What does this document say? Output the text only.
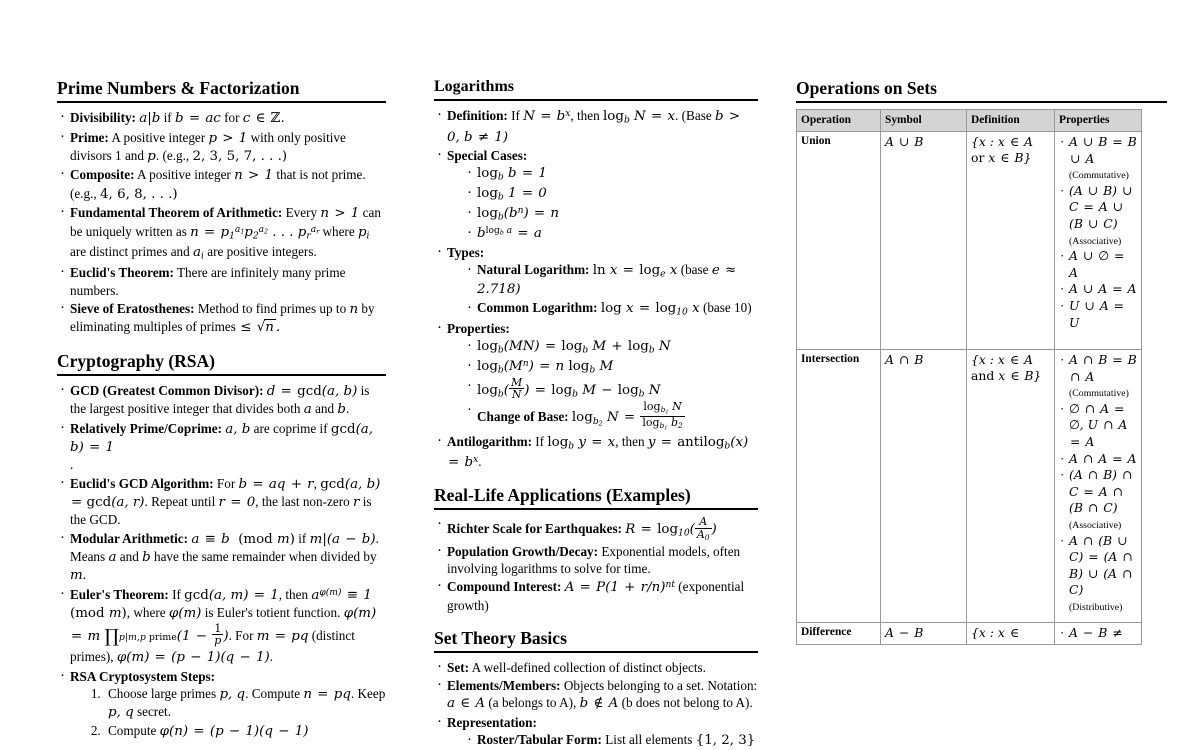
Prime Numbers & Factorization
· Divisibility: a|b if b = ac for c ∈ ℤ.
· Prime: A positive integer p > 1 with only positive divisors 1 and p. (e.g., 2, 3, 5, 7, . . .)
· Composite: A positive integer n > 1 that is not prime. (e.g., 4, 6, 8, . . .)
· Fundamental Theorem of Arithmetic: Every n > 1 can be uniquely written as $n = p_1^{a_1}p_2^{a_2}$ . . . $p_r^{a_r}$ where $p_i$ are distinct primes and $a_i$ are positive integers.
· Euclid's Theorem: There are infinitely many prime numbers.
· Sieve of Eratosthenes: Method to find primes up to n by eliminating multiples of primes ≤ √n .
Cryptography (RSA)
· GCD (Greatest Common Divisor): d = gcd(a, b) is the largest positive integer that divides both a and b.
· Relatively Prime/Coprime: a, b are coprime if gcd(a, b) = 1
.
· Euclid's GCD Algorithm: For b = aq + r, gcd(a, b) = gcd(a, r). Repeat until r = 0, the last non-zero r is the GCD.
· Modular Arithmetic: a ≡ b  (mod m) if m|(a − b). Means a and b have the same remainder when divided by m.
· Euler's Theorem: If gcd(a, m) = 1, then $a^{\varphi(m)} \equiv 1$ (mod m), where φ(m) is Euler's totient function. φ(m) = m ∏p|m,p prime(1 − $\frac{1}{p}$ ). For m = pq (distinct primes), φ(m) = (p − 1)(q − 1).
· RSA Cryptosystem Steps:
1. Choose large primes p, q. Compute n = pq. Keep p, q secret.
2. Compute φ(n) = (p − 1)(q − 1)
Logarithms
· Definition: If $N = b^x$, then $\log_b N = x$. (Base b > 0, b ≠ 1)
· Special Cases:
· $\log_b b = 1$
· $\log_b 1 = 0$
· $\log_b(b^n) = n$
· $b^{log_b a} = a$
· Types:
· Natural Logarithm: $\ln x = \log_e x$ (base e ≈ 2.718)
· Common Logarithm: $\log x = \log_{10} x$ (base 10)
· Properties:
· $\log_b(MN) = \log_b M + \log_b N$
· $\log_b(M^n) = n$ $\log_b M$
· $\log_b( \frac{M}{N}$ ) = $\log_b M - \log_b N$
· Change of Base: $\log_{b_2} N = \frac{\log_{b_1} N}{\log_{b_1} b_2}$
· Antilogarithm: If $\log_b y = x$, then y = antilog$_b$(x) = $b^x$.
Real-Life Applications (Examples)
· Richter Scale for Earthquakes: $R = \log_{10}( \frac{A}{A_0}$ )
· Population Growth/Decay: Exponential models, often involving logarithms to solve for time.
· Compound Interest: $A = P(1 + r/n)^{nt}$ (exponential growth)
Set Theory Basics
· Set: A well-defined collection of distinct objects.
· Elements/Members: Objects belonging to a set. Notation: a ∈ A (a belongs to A), b ∉ A (b does not belong to A).
· Representation:
· Roster/Tabular Form: List all elements {1, 2, 3}
Operations on Sets
Operation	Symbol	Definition	Properties
Union	A ∪ B	{x : x ∈ A or x ∈ B}	
· A ∪ B = B ∪ A (Commutative)
· (A ∪ B) ∪ C = A ∪ (B ∪ C) (Associative)
· A ∪ ∅ = A
· A ∪ A = A
· U ∪ A = U

Intersection	A ∩ B	{x : x ∈ A and x ∈ B}	
· A ∩ B = B ∩ A (Commutative)
· ∅ ∩ A = ∅, U ∩ A = A
· A ∩ A = A
· (A ∩ B) ∩ C = A ∩ (B ∩ C) (Associative)
· A ∩ (B ∪ C) = (A ∩ B) ∪ (A ∩ C) (Distributive)

Difference	A − B	{x : x ∈	
·A − B ≠
